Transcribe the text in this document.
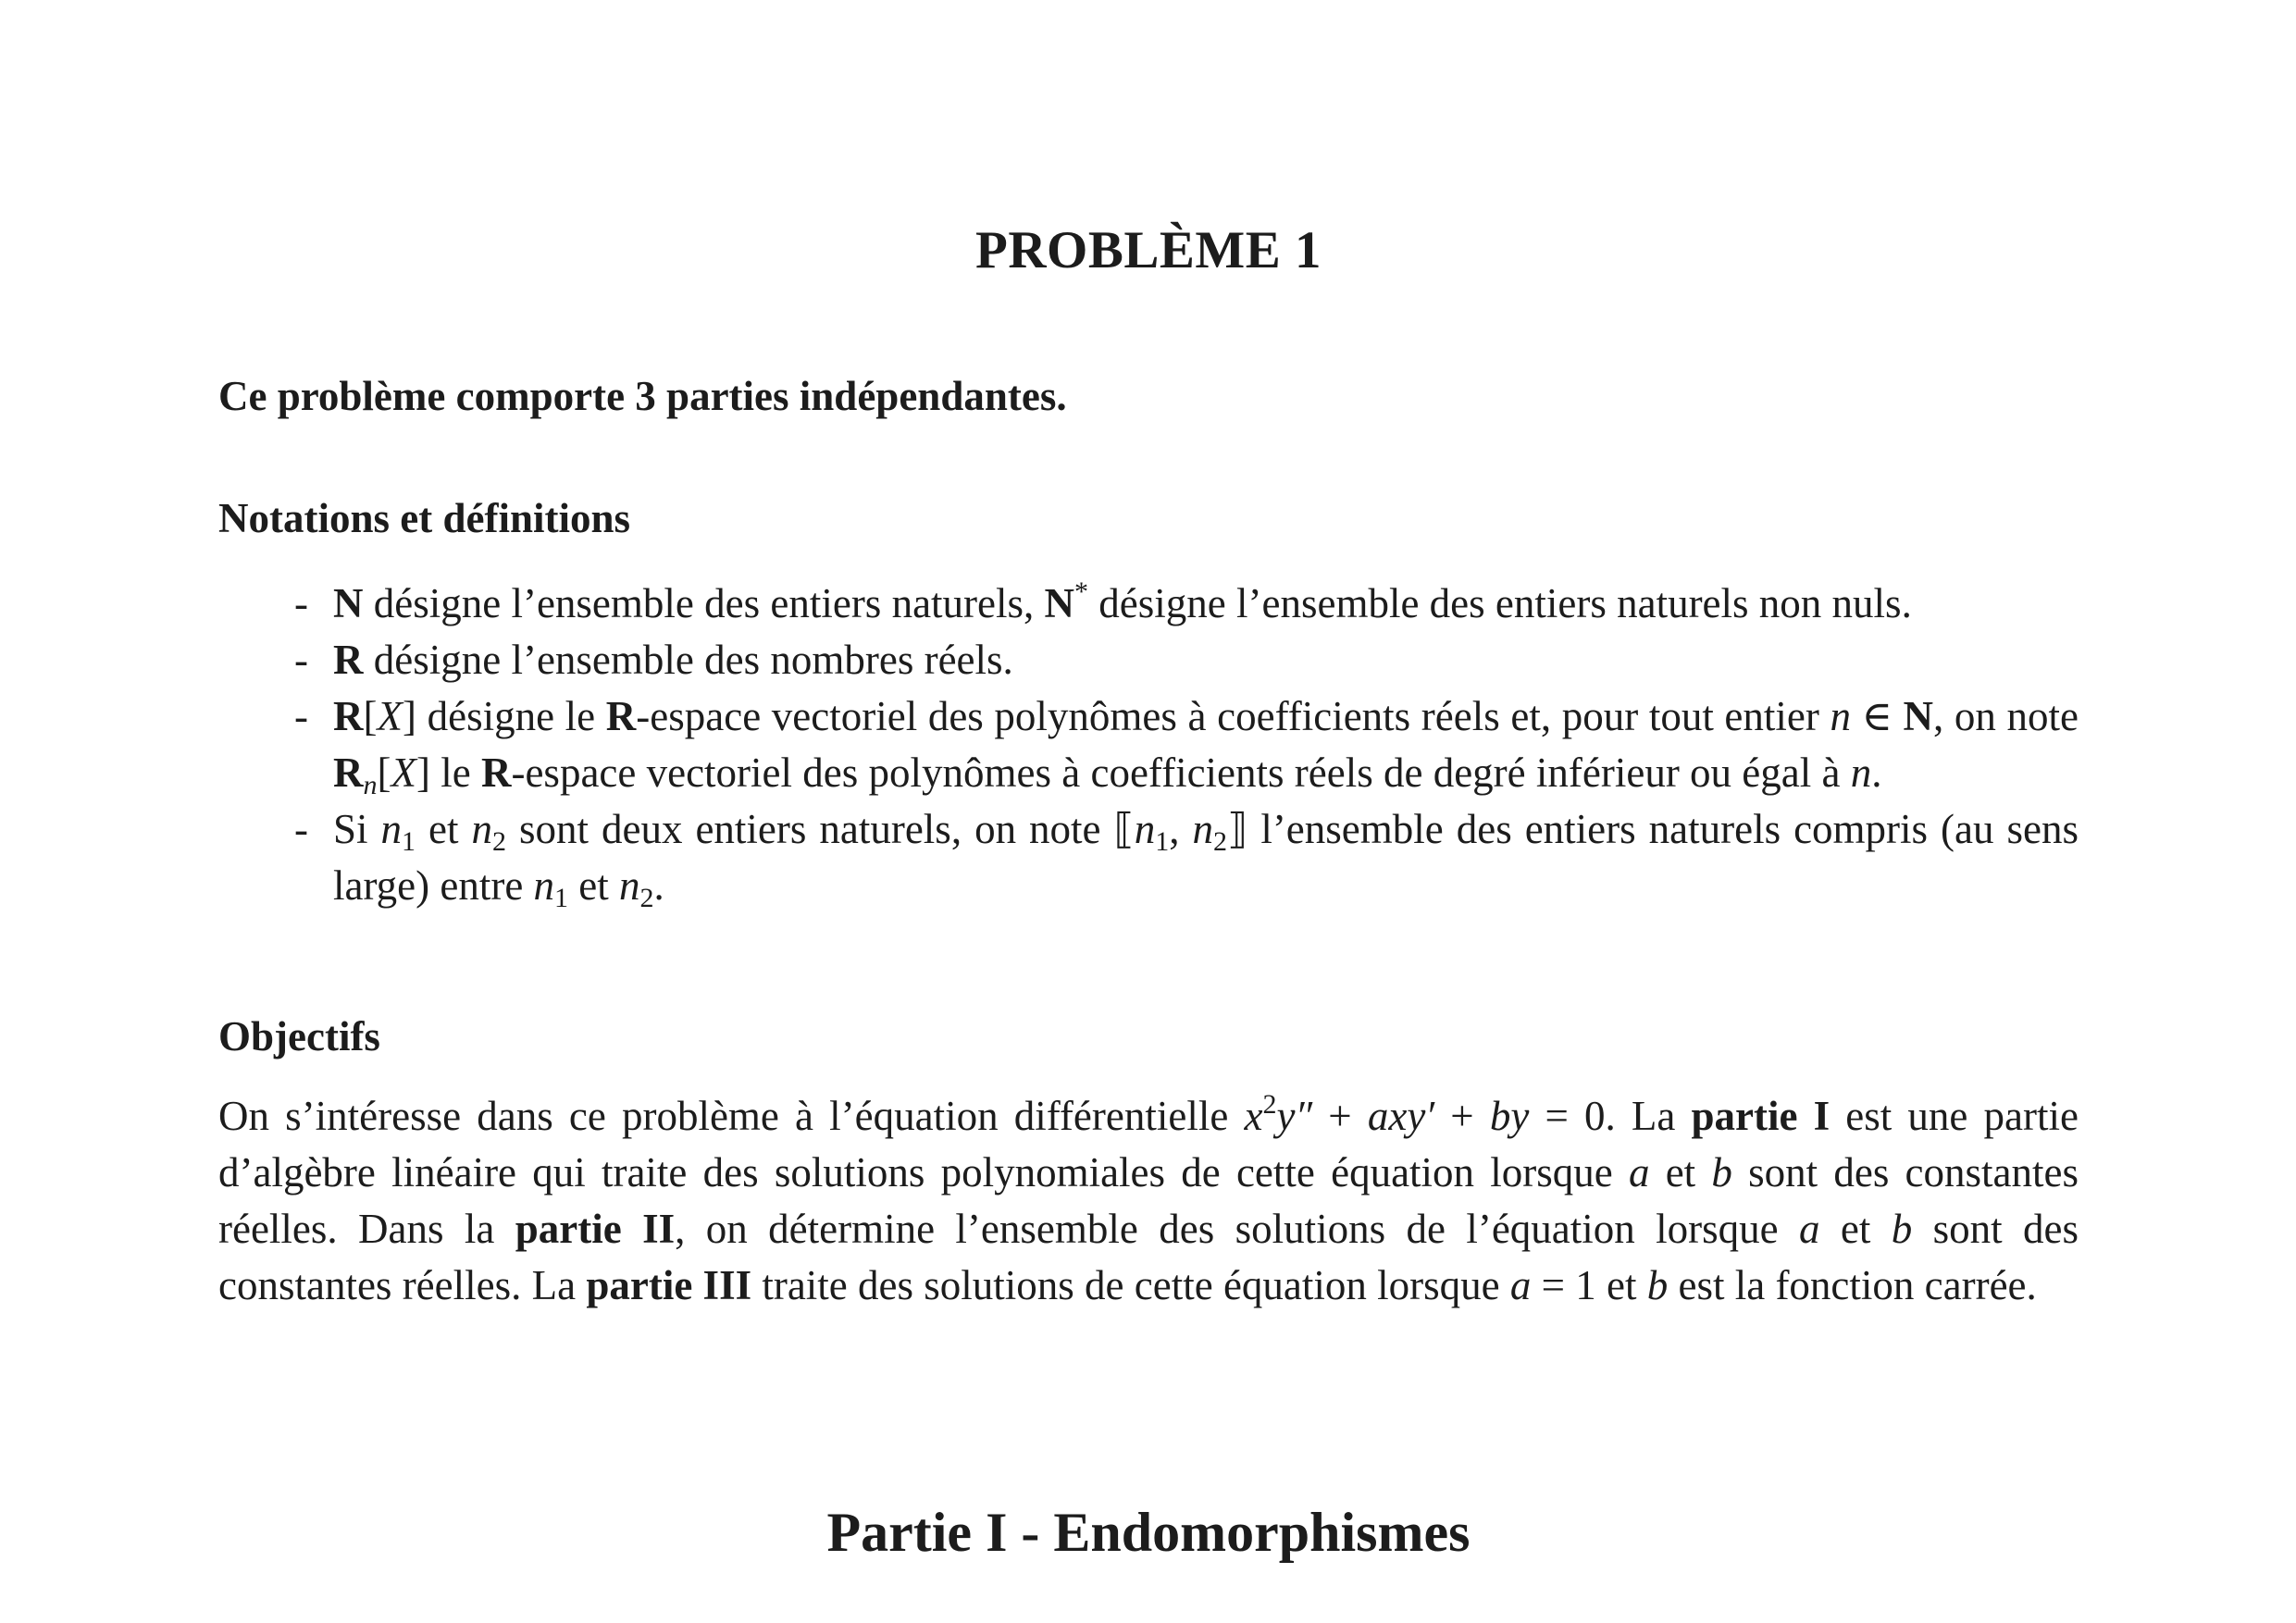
PROBLÈME 1
Ce problème comporte 3 parties indépendantes.
Notations et définitions
- N désigne l’ensemble des entiers naturels, N* désigne l’ensemble des entiers naturels non nuls.
- R désigne l’ensemble des nombres réels.
- R[X] désigne le R-espace vectoriel des polynômes à coefficients réels et, pour tout entier n ∈ N, on note $R_n[X]$ le R-espace vectoriel des polynômes à coefficients réels de degré inférieur ou égal à n.
- Si $n_1$ et $n_2$ sont deux entiers naturels, on note $⟦n_1$, $n_2⟧$ l’ensemble des entiers naturels compris (au sens large) entre $n_1$ et $n_2$.
Objectifs

On s’intéresse dans ce problème à l’équation différentielle $x^2y'' + axy'$ + by = 0. La partie I est une partie d’algèbre linéaire qui traite des solutions polynomiales de cette équation lorsque a et b sont des constantes réelles. Dans la partie II, on détermine l’ensemble des solutions de l’équation lorsque a et b sont des constantes réelles. La partie III traite des solutions de cette équation lorsque a = 1 et b est la fonction carrée.

Partie I - Endomorphismes
